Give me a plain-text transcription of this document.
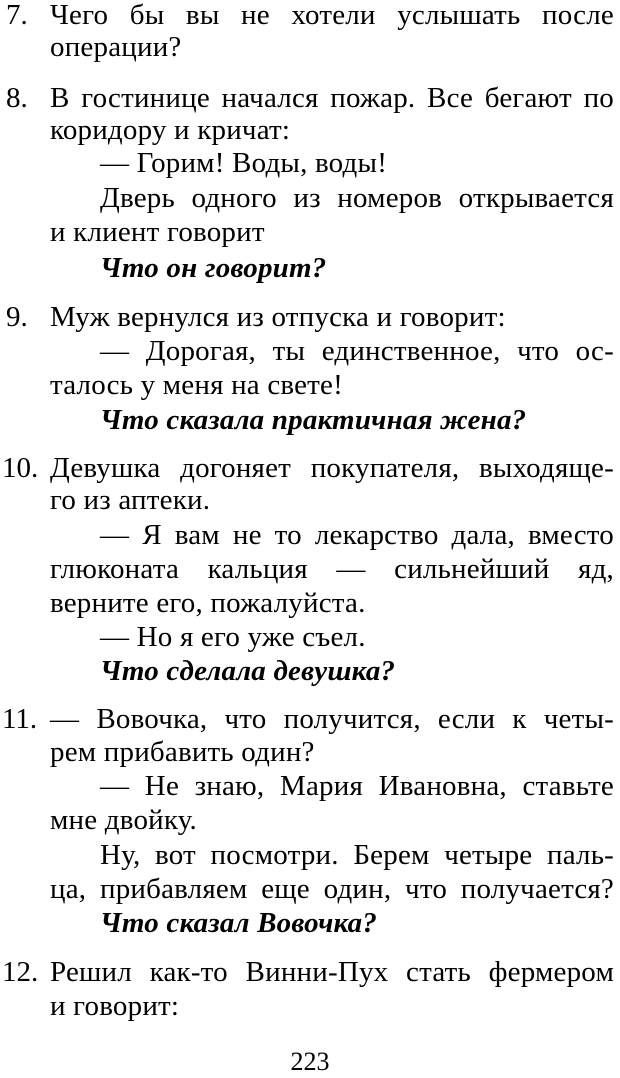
7. Чего бы вы не хотели услышать после
операции?
8. В гостинице начался пожар. Все бегают по
коридору и кричат:
— Горим! Воды, воды!
Дверь одного из номеров открывается
и клиент говорит
Что он говорит?
9. Муж вернулся из отпуска и говорит:
— Дорогая, ты единственное, что ос-
талось у меня на свете!
Что сказала практичная жена?
10. Девушка догоняет покупателя, выходяще-
го из аптеки.
— Я вам не то лекарство дала, вместо
глюконата кальция — сильнейший яд,
верните его, пожалуйста.
— Но я его уже съел.
Что сделала девушка?
11. — Вовочка, что получится, если к четы-
рем прибавить один?
— Не знаю, Мария Ивановна, ставьте
мне двойку.
Ну, вот посмотри. Берем четыре паль-
ца, прибавляем еще один, что получается?
Что сказал Вовочка?
12. Решил как-то Винни-Пух стать фермером
и говорит:
223
